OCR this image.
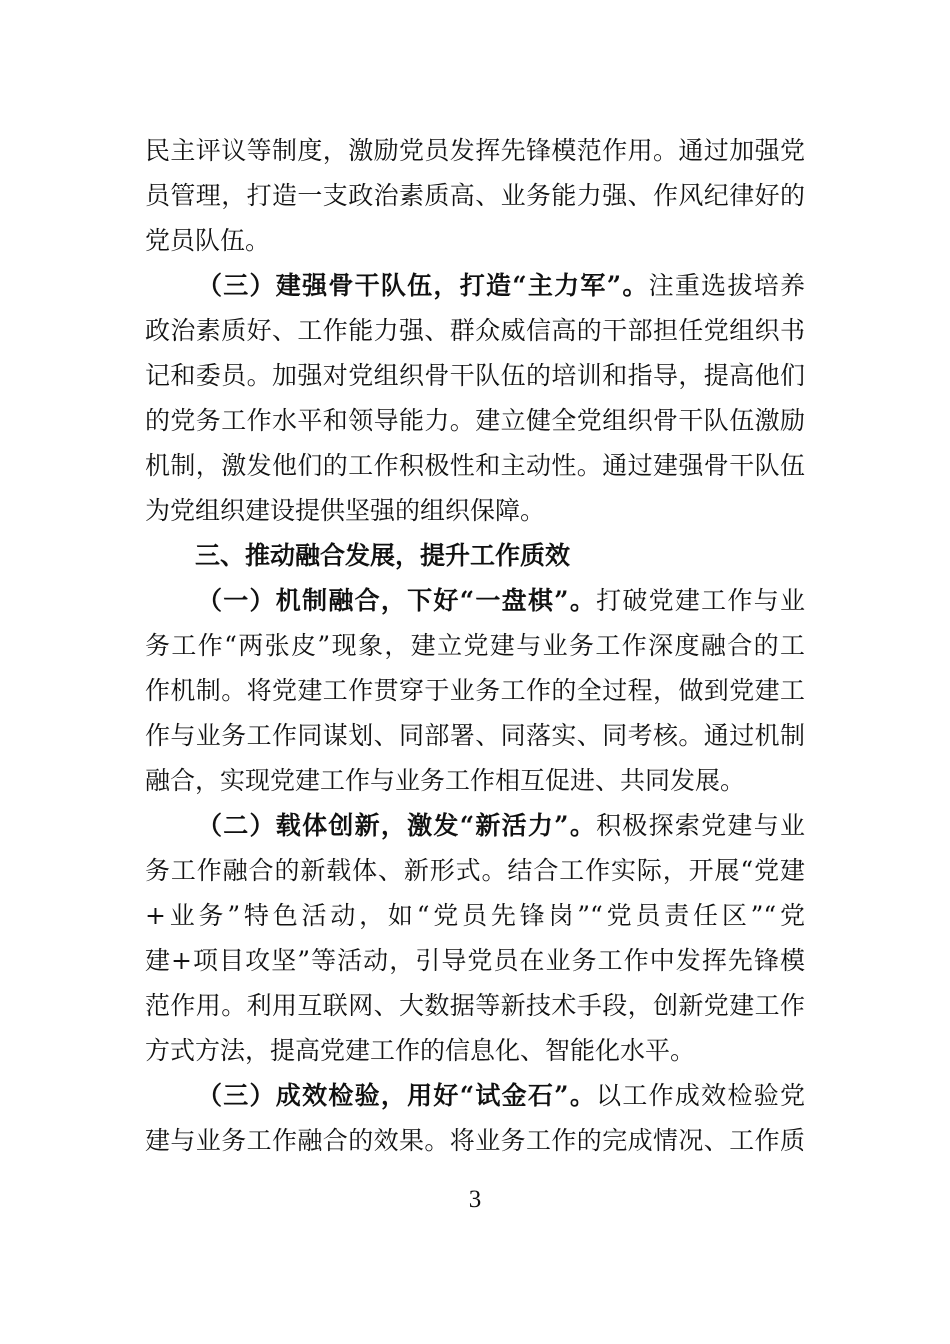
民主评议等制度，激励党员发挥先锋模范作用。通过加强党
员管理，打造一支政治素质高、业务能力强、作风纪律好的
党员队伍。
（三）建强骨干队伍，打造“主力军”。注重选拔培养
政治素质好、工作能力强、群众威信高的干部担任党组织书
记和委员。加强对党组织骨干队伍的培训和指导，提高他们
的党务工作水平和领导能力。建立健全党组织骨干队伍激励
机制，激发他们的工作积极性和主动性。通过建强骨干队伍
为党组织建设提供坚强的组织保障。
三、推动融合发展，提升工作质效
（一）机制融合，下好“一盘棋”。打破党建工作与业
务工作“两张皮”现象，建立党建与业务工作深度融合的工
作机制。将党建工作贯穿于业务工作的全过程，做到党建工
作与业务工作同谋划、同部署、同落实、同考核。通过机制
融合，实现党建工作与业务工作相互促进、共同发展。
（二）载体创新，激发“新活力”。积极探索党建与业
务工作融合的新载体、新形式。结合工作实际，开展“党建
+业务”特色活动，如“党员先锋岗”“党员责任区”“党
建+项目攻坚”等活动，引导党员在业务工作中发挥先锋模
范作用。利用互联网、大数据等新技术手段，创新党建工作
方式方法，提高党建工作的信息化、智能化水平。
（三）成效检验，用好“试金石”。以工作成效检验党
建与业务工作融合的效果。将业务工作的完成情况、工作质
3
